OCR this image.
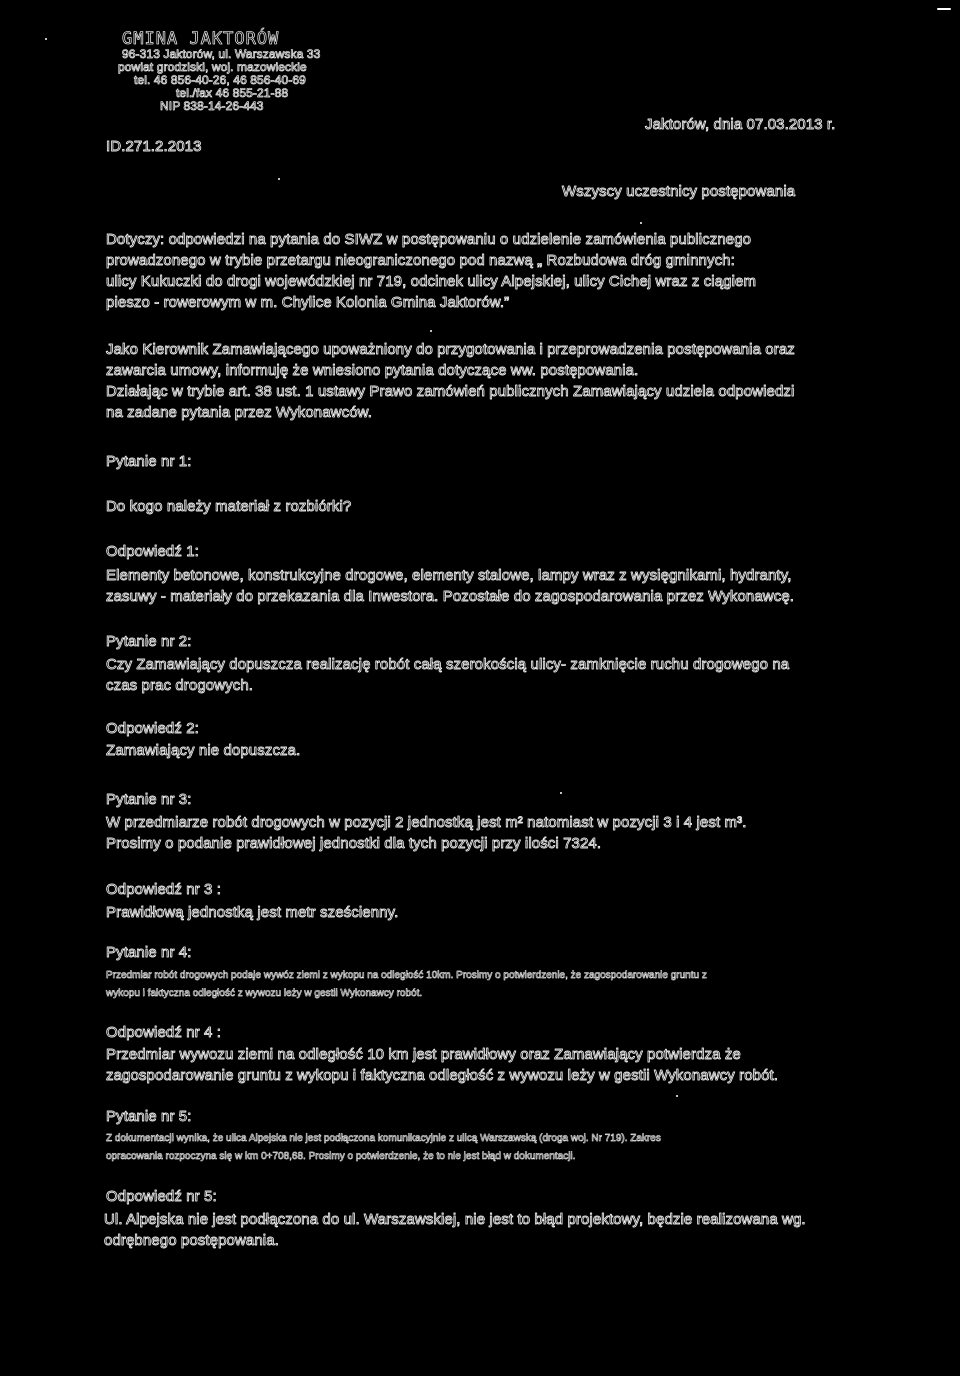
GMINA JAKTORÓW

96-313 Jaktorów, ul. Warszawska 33

powiat grodziski, woj. mazowieckie

tel. 46 856-40-26, 46 856-40-69

tel./fax 46 855-21-88

NIP 838-14-26-443

ID.271.2.2013

Jaktorów, dnia 07.03.2013 r.

Wszyscy uczestnicy postępowania

Dotyczy: odpowiedzi na pytania do SIWZ w postępowaniu o udzielenie zamówienia publicznego

prowadzonego w trybie przetargu nieograniczonego pod nazwą „ Rozbudowa dróg gminnych:

ulicy Kukuczki do drogi wojewódzkiej nr 719, odcinek ulicy Alpejskiej, ulicy Cichej wraz z ciągiem

pieszo - rowerowym w m. Chylice Kolonia Gmina Jaktorów.”

Jako Kierownik Zamawiającego upoważniony do przygotowania i przeprowadzenia postępowania oraz

zawarcia umowy, informuję że wniesiono pytania dotyczące ww. postępowania.

Działając w trybie art. 38 ust. 1 ustawy Prawo zamówień publicznych Zamawiający udziela odpowiedzi

na zadane pytania przez Wykonawców.

Pytanie nr 1:

Do kogo należy materiał z rozbiórki?

Odpowiedź 1:

Elementy betonowe, konstrukcyjne drogowe, elementy stalowe, lampy wraz z wysięgnikami, hydranty,

zasuwy - materiały do przekazania dla Inwestora. Pozostałe do zagospodarowania przez Wykonawcę.

Pytanie nr 2:

Czy Zamawiający dopuszcza realizację robót całą szerokością ulicy- zamknięcie ruchu drogowego na

czas prac drogowych.

Odpowiedź 2:

Zamawiający nie dopuszcza.

Pytanie nr 3:

W przedmiarze robót drogowych w pozycji 2 jednostką jest m² natomiast w pozycji 3 i 4 jest m³.

Prosimy o podanie prawidłowej jednostki dla tych pozycji przy ilości 7324.

Odpowiedź nr 3 :

Prawidłową jednostką jest metr sześcienny.

Pytanie nr 4:

Przedmiar robót drogowych podaje wywóz ziemi z wykopu na odległość 10km. Prosimy o potwierdzenie, że zagospodarowanie gruntu z

wykopu i faktyczna odległość z wywozu leży w gestii Wykonawcy robót.

Odpowiedź nr 4 :

Przedmiar wywozu ziemi na odległość 10 km jest prawidłowy oraz Zamawiający potwierdza że

zagospodarowanie gruntu z wykopu i faktyczna odległość z wywozu leży w gestii Wykonawcy robót.

Pytanie nr 5:

Z dokumentacji wynika, że ulica Alpejska nie jest podłączona komunikacyjnie z ulicą Warszawską (droga woj. Nr 719). Zakres

opracowania rozpoczyna się w km 0+708,68. Prosimy o potwierdzenie, że to nie jest błąd w dokumentacji.

Odpowiedź nr 5:

Ul. Alpejska nie jest podłączona do ul. Warszawskiej, nie jest to błąd projektowy, będzie realizowana wg.

odrębnego postępowania.
